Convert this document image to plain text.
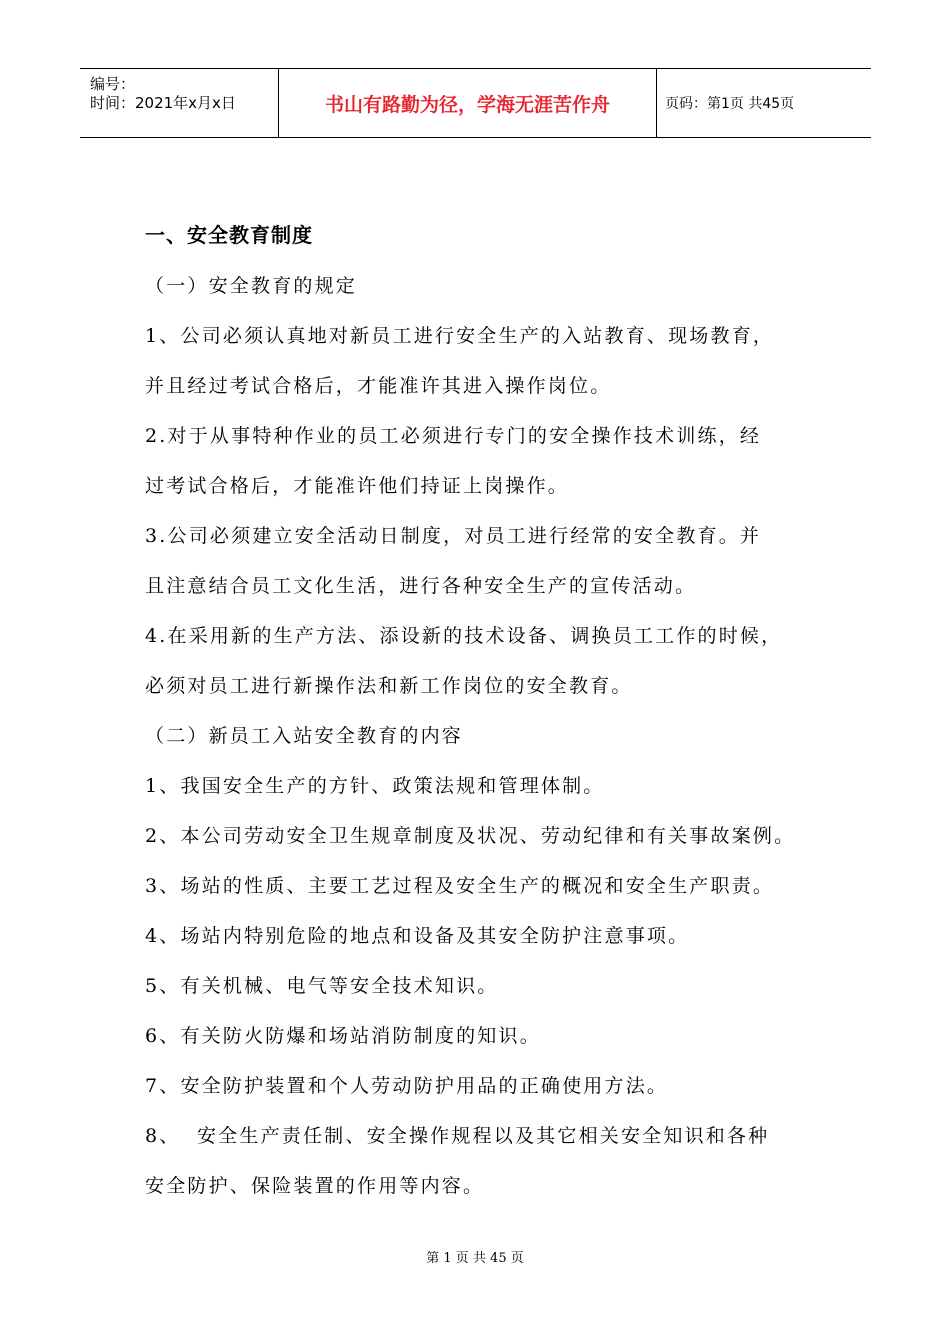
编号：
时间：2021年x月x日	书山有路勤为径，学海无涯苦作舟	页码：第1页 共45页
一、安全教育制度
（一）安全教育的规定
1、公司必须认真地对新员工进行安全生产的入站教育、现场教育，
并且经过考试合格后，才能准许其进入操作岗位。
2.对于从事特种作业的员工必须进行专门的安全操作技术训练，经
过考试合格后，才能准许他们持证上岗操作。
3.公司必须建立安全活动日制度，对员工进行经常的安全教育。并
且注意结合员工文化生活，进行各种安全生产的宣传活动。
4.在采用新的生产方法、添设新的技术设备、调换员工工作的时候，
必须对员工进行新操作法和新工作岗位的安全教育。
（二）新员工入站安全教育的内容
1、我国安全生产的方针、政策法规和管理体制。
2、本公司劳动安全卫生规章制度及状况、劳动纪律和有关事故案例。
3、场站的性质、主要工艺过程及安全生产的概况和安全生产职责。
4、场站内特别危险的地点和设备及其安全防护注意事项。
5、有关机械、电气等安全技术知识。
6、有关防火防爆和场站消防制度的知识。
7、安全防护装置和个人劳动防护用品的正确使用方法。
8、  安全生产责任制、安全操作规程以及其它相关安全知识和各种
安全防护、保险装置的作用等内容。
第 1 页 共 45 页
